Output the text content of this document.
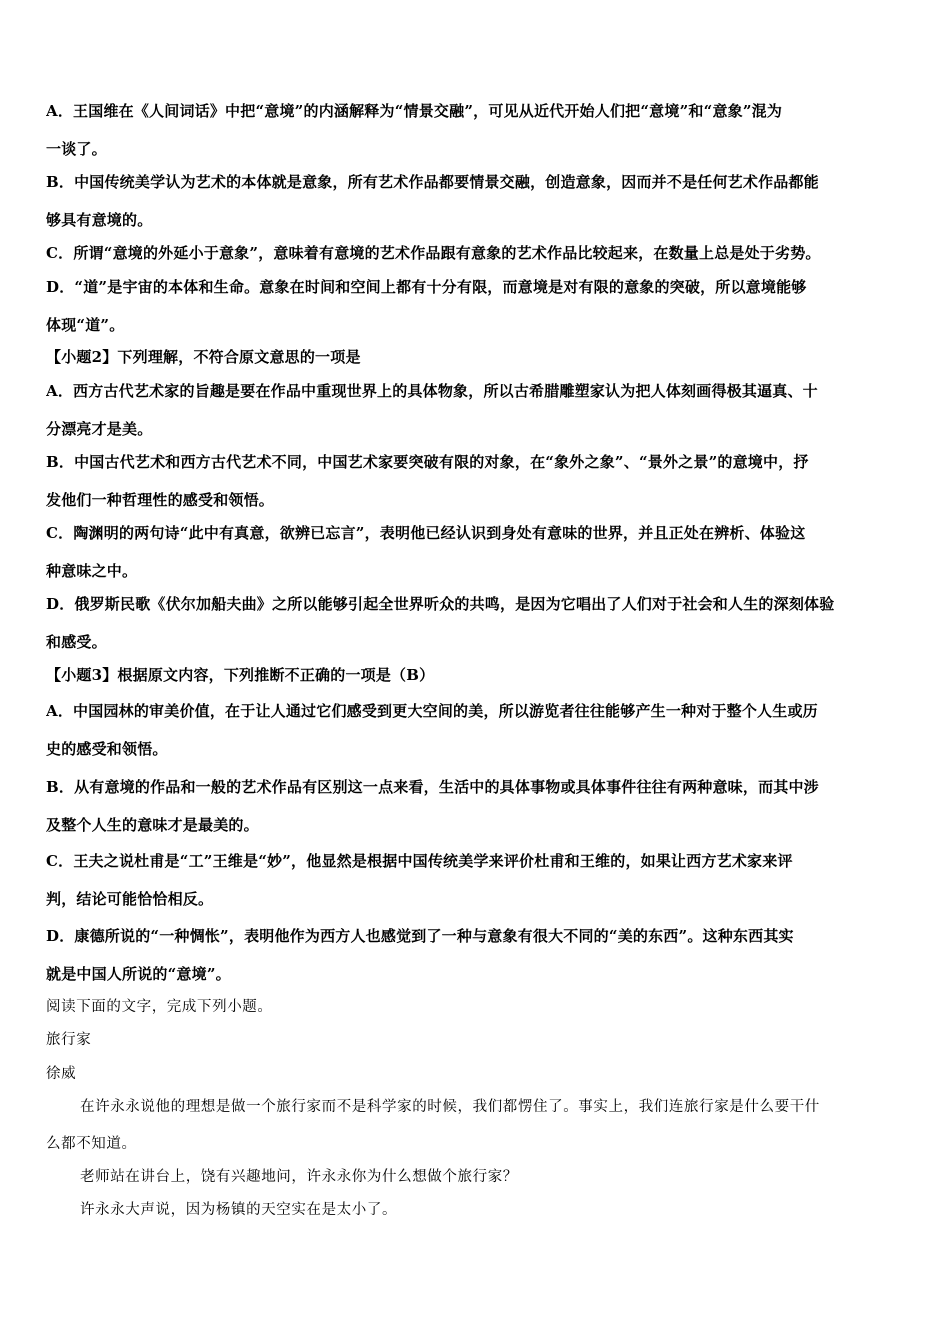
A．王国维在《人间词话》中把“意境”的内涵解释为“情景交融”，可见从近代开始人们把“意境”和“意象”混为
一谈了。
B．中国传统美学认为艺术的本体就是意象，所有艺术作品都要情景交融，创造意象，因而并不是任何艺术作品都能
够具有意境的。
C．所谓“意境的外延小于意象”，意味着有意境的艺术作品跟有意象的艺术作品比较起来，在数量上总是处于劣势。
D．“道”是宇宙的本体和生命。意象在时间和空间上都有十分有限，而意境是对有限的意象的突破，所以意境能够
体现“道”。
【小题2】下列理解，不符合原文意思的一项是
A．西方古代艺术家的旨趣是要在作品中重现世界上的具体物象，所以古希腊雕塑家认为把人体刻画得极其逼真、十
分漂亮才是美。
B．中国古代艺术和西方古代艺术不同，中国艺术家要突破有限的对象，在“象外之象”、“景外之景”的意境中，抒
发他们一种哲理性的感受和领悟。
C．陶渊明的两句诗“此中有真意，欲辨已忘言”，表明他已经认识到身处有意味的世界，并且正处在辨析、体验这
种意味之中。
D．俄罗斯民歌《伏尔加船夫曲》之所以能够引起全世界听众的共鸣，是因为它唱出了人们对于社会和人生的深刻体验
和感受。
【小题3】根据原文内容，下列推断不正确的一项是（B）
A．中国园林的审美价值，在于让人通过它们感受到更大空间的美，所以游览者往往能够产生一种对于整个人生或历
史的感受和领悟。
B．从有意境的作品和一般的艺术作品有区别这一点来看，生活中的具体事物或具体事件往往有两种意味，而其中涉
及整个人生的意味才是最美的。
C．王夫之说杜甫是“工”王维是“妙”，他显然是根据中国传统美学来评价杜甫和王维的，如果让西方艺术家来评
判，结论可能恰恰相反。
D．康德所说的“一种惆怅”，表明他作为西方人也感觉到了一种与意象有很大不同的“美的东西”。这种东西其实
就是中国人所说的“意境”。
阅读下面的文字，完成下列小题。
旅行家
徐威
在许永永说他的理想是做一个旅行家而不是科学家的时候，我们都愣住了。事实上，我们连旅行家是什么要干什
么都不知道。
老师站在讲台上，饶有兴趣地问，许永永你为什么想做个旅行家？
许永永大声说，因为杨镇的天空实在是太小了。
